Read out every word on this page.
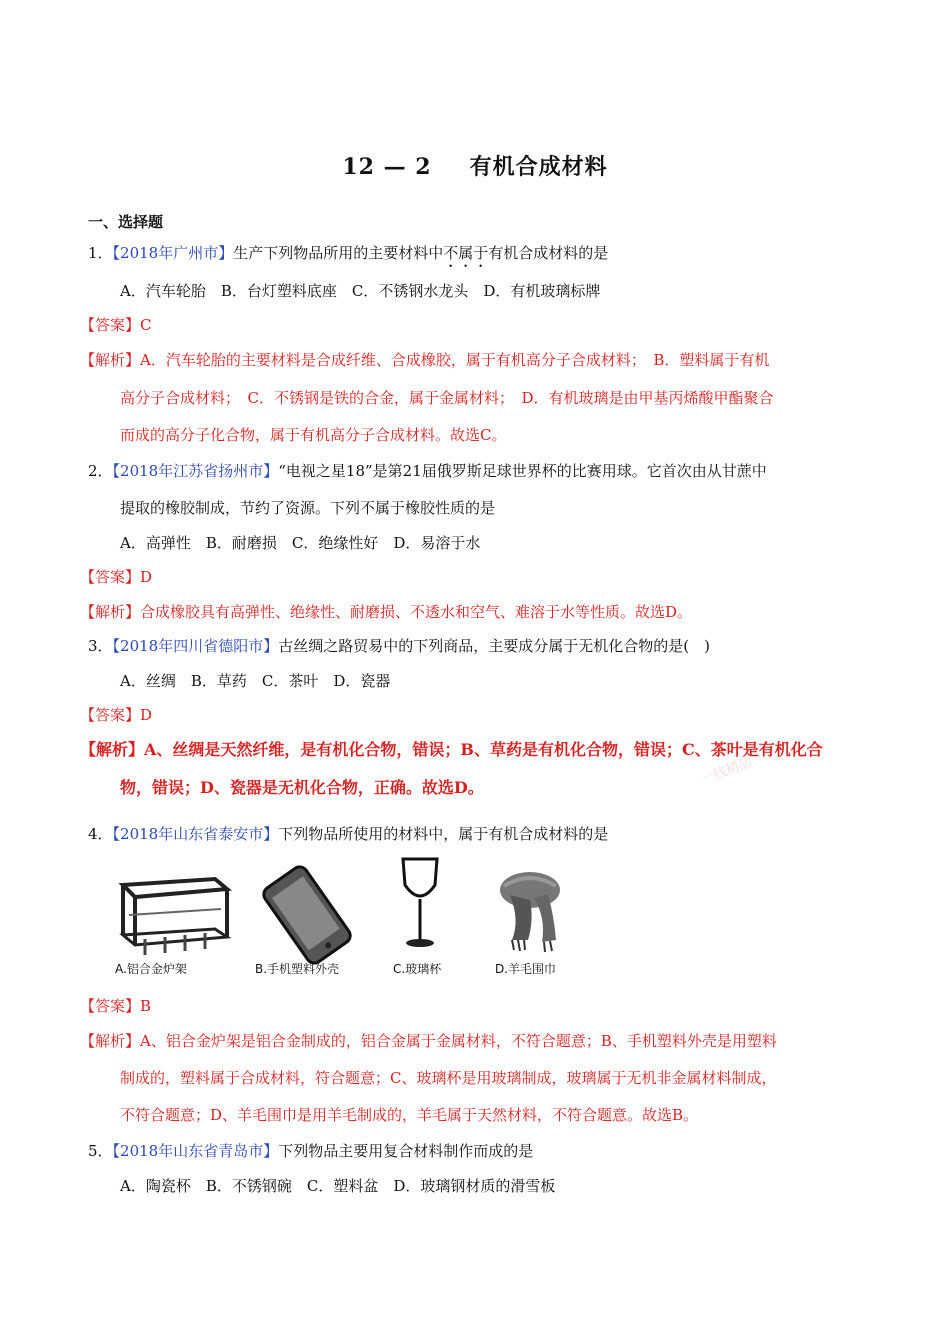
12 — 2 有机合成材料
一、选择题
1．【2018年广州市】生产下列物品所用的主要材料中不属于有机合成材料的是
A．汽车轮胎　B．台灯塑料底座　C．不锈钢水龙头　D．有机玻璃标牌
【答案】C
【解析】A．汽车轮胎的主要材料是合成纤维、合成橡胶，属于有机高分子合成材料；　B．塑料属于有机
高分子合成材料；　C．不锈钢是铁的合金，属于金属材料；　D．有机玻璃是由甲基丙烯酸甲酯聚合
而成的高分子化合物，属于有机高分子合成材料。故选C。
2．【2018年江苏省扬州市】“电视之星18”是第21届俄罗斯足球世界杯的比赛用球。它首次由从甘蔗中
提取的橡胶制成，节约了资源。下列不属于橡胶性质的是
A．高弹性　B．耐磨损　C．绝缘性好　D．易溶于水
【答案】D
【解析】合成橡胶具有高弹性、绝缘性、耐磨损、不透水和空气、难溶于水等性质。故选D。
3．【2018年四川省德阳市】古丝绸之路贸易中的下列商品，主要成分属于无机化合物的是(　)
A．丝绸　B．草药　C．茶叶　D．瓷器
【答案】D
【解析】A、丝绸是天然纤维，是有机化合物，错误；B、草药是有机化合物，错误；C、茶叶是有机化合
物，错误；D、瓷器是无机化合物，正确。故选D。
一线精品
4．【2018年山东省泰安市】下列物品所使用的材料中，属于有机合成材料的是
A.铝合金炉架	B.手机塑料外壳	C.玻璃杯	D.羊毛围巾
【答案】B
【解析】A、铝合金炉架是铝合金制成的，铝合金属于金属材料，不符合题意；B、手机塑料外壳是用塑料
制成的，塑料属于合成材料，符合题意；C、玻璃杯是用玻璃制成，玻璃属于无机非金属材料制成，
不符合题意；D、羊毛围巾是用羊毛制成的，羊毛属于天然材料，不符合题意。故选B。
5．【2018年山东省青岛市】下列物品主要用复合材料制作而成的是
A．陶瓷杯　B．不锈钢碗　C．塑料盆　D．玻璃钢材质的滑雪板
